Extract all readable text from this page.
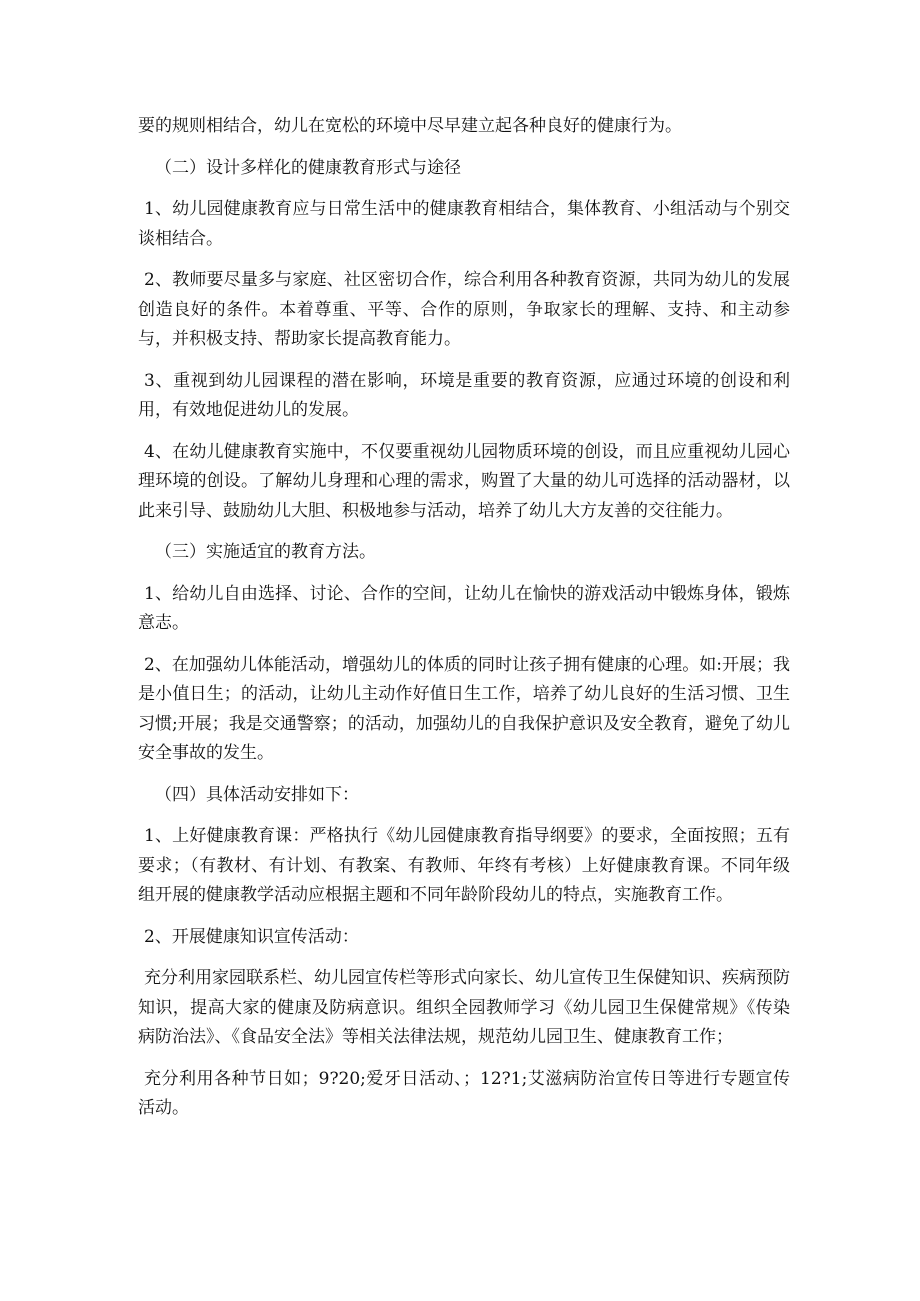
要的规则相结合，幼儿在宽松的环境中尽早建立起各种良好的健康行为。

（二）设计多样化的健康教育形式与途径

1、幼儿园健康教育应与日常生活中的健康教育相结合，集体教育、小组活动与个别交谈相结合。

2、教师要尽量多与家庭、社区密切合作，综合利用各种教育资源，共同为幼儿的发展创造良好的条件。本着尊重、平等、合作的原则，争取家长的理解、支持、和主动参与，并积极支持、帮助家长提高教育能力。

3、重视到幼儿园课程的潜在影响，环境是重要的教育资源，应通过环境的创设和利用，有效地促进幼儿的发展。

4、在幼儿健康教育实施中，不仅要重视幼儿园物质环境的创设，而且应重视幼儿园心理环境的创设。了解幼儿身理和心理的需求，购置了大量的幼儿可选择的活动器材，以此来引导、鼓励幼儿大胆、积极地参与活动，培养了幼儿大方友善的交往能力。

（三）实施适宜的教育方法。

1、给幼儿自由选择、讨论、合作的空间，让幼儿在愉快的游戏活动中锻炼身体，锻炼意志。

2、在加强幼儿体能活动，增强幼儿的体质的同时让孩子拥有健康的心理。如:开展；我是小值日生；的活动，让幼儿主动作好值日生工作，培养了幼儿良好的生活习惯、卫生习惯;开展；我是交通警察；的活动，加强幼儿的自我保护意识及安全教育，避免了幼儿安全事故的发生。

（四）具体活动安排如下：

1、上好健康教育课：严格执行《幼儿园健康教育指导纲要》的要求，全面按照；五有要求；（有教材、有计划、有教案、有教师、年终有考核）上好健康教育课。不同年级组开展的健康教学活动应根据主题和不同年龄阶段幼儿的特点，实施教育工作。

2、开展健康知识宣传活动：

充分利用家园联系栏、幼儿园宣传栏等形式向家长、幼儿宣传卫生保健知识、疾病预防知识，提高大家的健康及防病意识。组织全园教师学习《幼儿园卫生保健常规》《传染病防治法》、《食品安全法》等相关法律法规，规范幼儿园卫生、健康教育工作；

充分利用各种节日如；9?20;爱牙日活动、；12?1;艾滋病防治宣传日等进行专题宣传活动。
